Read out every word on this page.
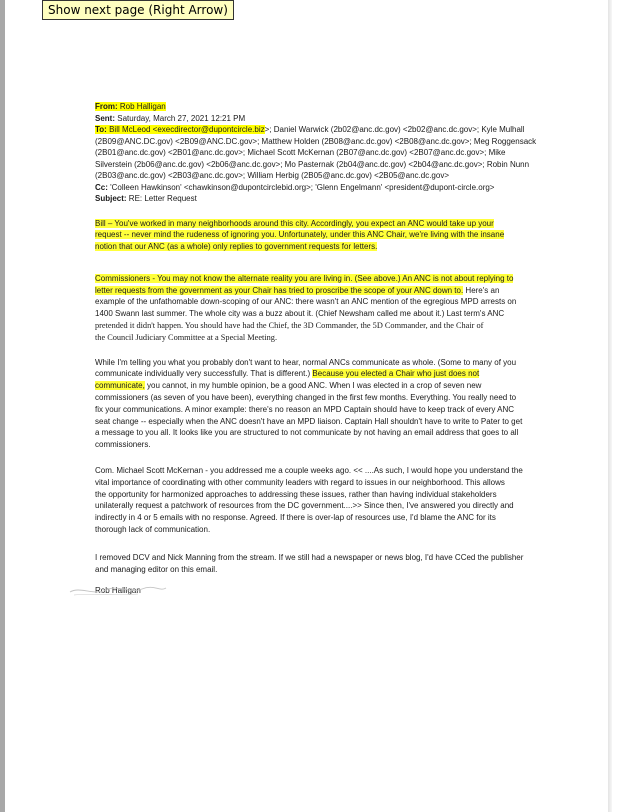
Show next page (Right Arrow)
From: Rob Halligan
Sent: Saturday, March 27, 2021 12:21 PM
To: Bill McLeod <execdirector@dupontcircle.biz>; Daniel Warwick (2b02@anc.dc.gov) <2b02@anc.dc.gov>; Kyle Mulhall
(2B09@ANC.DC.gov) <2B09@ANC.DC.gov>; Matthew Holden (2B08@anc.dc.gov) <2B08@anc.dc.gov>; Meg Roggensack
(2B01@anc.dc.gov) <2B01@anc.dc.gov>; Michael Scott McKernan (2B07@anc.dc.gov) <2B07@anc.dc.gov>; Mike
Silverstein (2b06@anc.dc.gov) <2b06@anc.dc.gov>; Mo Pasternak (2b04@anc.dc.gov) <2b04@anc.dc.gov>; Robin Nunn
(2B03@anc.dc.gov) <2B03@anc.dc.gov>; William Herbig (2B05@anc.dc.gov) <2B05@anc.dc.gov>
Cc: 'Colleen Hawkinson' <chawkinson@dupontcirclebid.org>; 'Glenn Engelmann' <president@dupont-circle.org>
Subject: RE: Letter Request
Bill – You've worked in many neighborhoods around this city. Accordingly, you expect an ANC would take up your
request -- never mind the rudeness of ignoring you. Unfortunately, under this ANC Chair, we're living with the insane
notion that our ANC (as a whole) only replies to government requests for letters.
Commissioners - You may not know the alternate reality you are living in. (See above.) An ANC is not about replying to
letter requests from the government as your Chair has tried to proscribe the scope of your ANC down to. Here's an
example of the unfathomable down-scoping of our ANC: there wasn't an ANC mention of the egregious MPD arrests on
1400 Swann last summer. The whole city was a buzz about it. (Chief Newsham called me about it.) Last term's ANC
pretended it didn't happen. You should have had the Chief, the 3D Commander, the 5D Commander, and the Chair of
the Council Judiciary Committee at a Special Meeting.
While I'm telling you what you probably don't want to hear, normal ANCs communicate as whole. (Some to many of you
communicate individually very successfully. That is different.) Because you elected a Chair who just does not
communicate, you cannot, in my humble opinion, be a good ANC. When I was elected in a crop of seven new
commissioners (as seven of you have been), everything changed in the first few months. Everything. You really need to
fix your communications. A minor example: there's no reason an MPD Captain should have to keep track of every ANC
seat change -- especially when the ANC doesn't have an MPD liaison. Captain Hall shouldn't have to write to Pater to get
a message to you all. It looks like you are structured to not communicate by not having an email address that goes to all
commissioners.
Com. Michael Scott McKernan - you addressed me a couple weeks ago. << ....As such, I would hope you understand the
vital importance of coordinating with other community leaders with regard to issues in our neighborhood. This allows
the opportunity for harmonized approaches to addressing these issues, rather than having individual stakeholders
unilaterally request a patchwork of resources from the DC government....>> Since then, I've answered you directly and
indirectly in 4 or 5 emails with no response. Agreed. If there is over-lap of resources use, I'd blame the ANC for its
thorough lack of communication.
I removed DCV and Nick Manning from the stream. If we still had a newspaper or news blog, I'd have CCed the publisher
and managing editor on this email.
Rob Halligan
